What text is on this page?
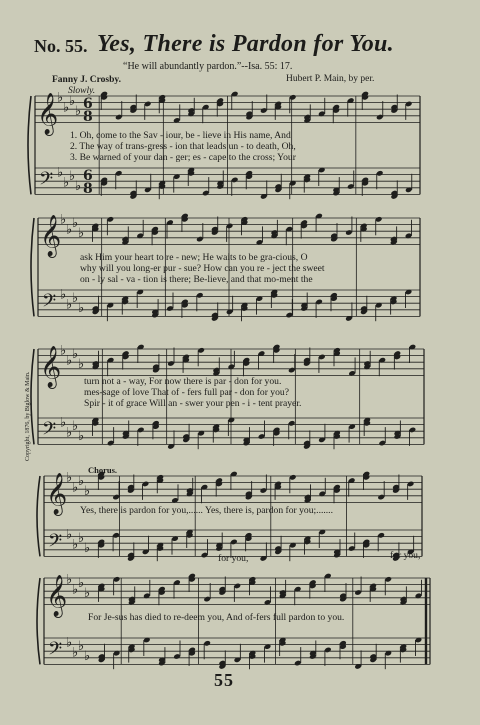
𝄞
𝄢
♭
♭ ♭
♭
♭
♭ ♭
♭
6
6
8
8
𝄞
𝄢
♭
♭ ♭
♭
♭
♭ ♭
♭
𝄞
𝄢
♭
♭ ♭
♭
♭
♭ ♭
♭
𝄞
𝄢
♭
♭ ♭
♭
♭
♭ ♭
♭
𝄞
𝄢
♭
♭ ♭
♭
♭
♭ ♭
♭
No. 55. Yes, There is Pardon for You.
“He will abundantly pardon.”--Isa. 55: 17.
Fanny J. Crosby.	Hubert P. Main, by per.
Slowly.
1. Oh, come to the Sav - iour, be - lieve in His name, And
2. The way of trans-gress - ion that leads un - to death, Oh,
3. Be warned of your dan - ger; es - cape to the cross; Your
ask Him your heart to re - new; He waits to be gra-cious, O
why will you long-er pur - sue? How can you re - ject the sweet
on - ly sal - va - tion is there; Be-lieve, and that mo-ment the
turn not a - way, For now there is par - don for you.
mes-sage of love That of - fers full par - don for you?
Spir - it of grace Will an - swer your pen - i - tent prayer.
Chorus.
Yes, there is pardon for you,...... Yes, there is, pardon for you;.......
for you,	for you,
For Je-sus has died to re-deem you, And of-fers full pardon to you.
Copyright, 1876, by Biglow & Main.
55
